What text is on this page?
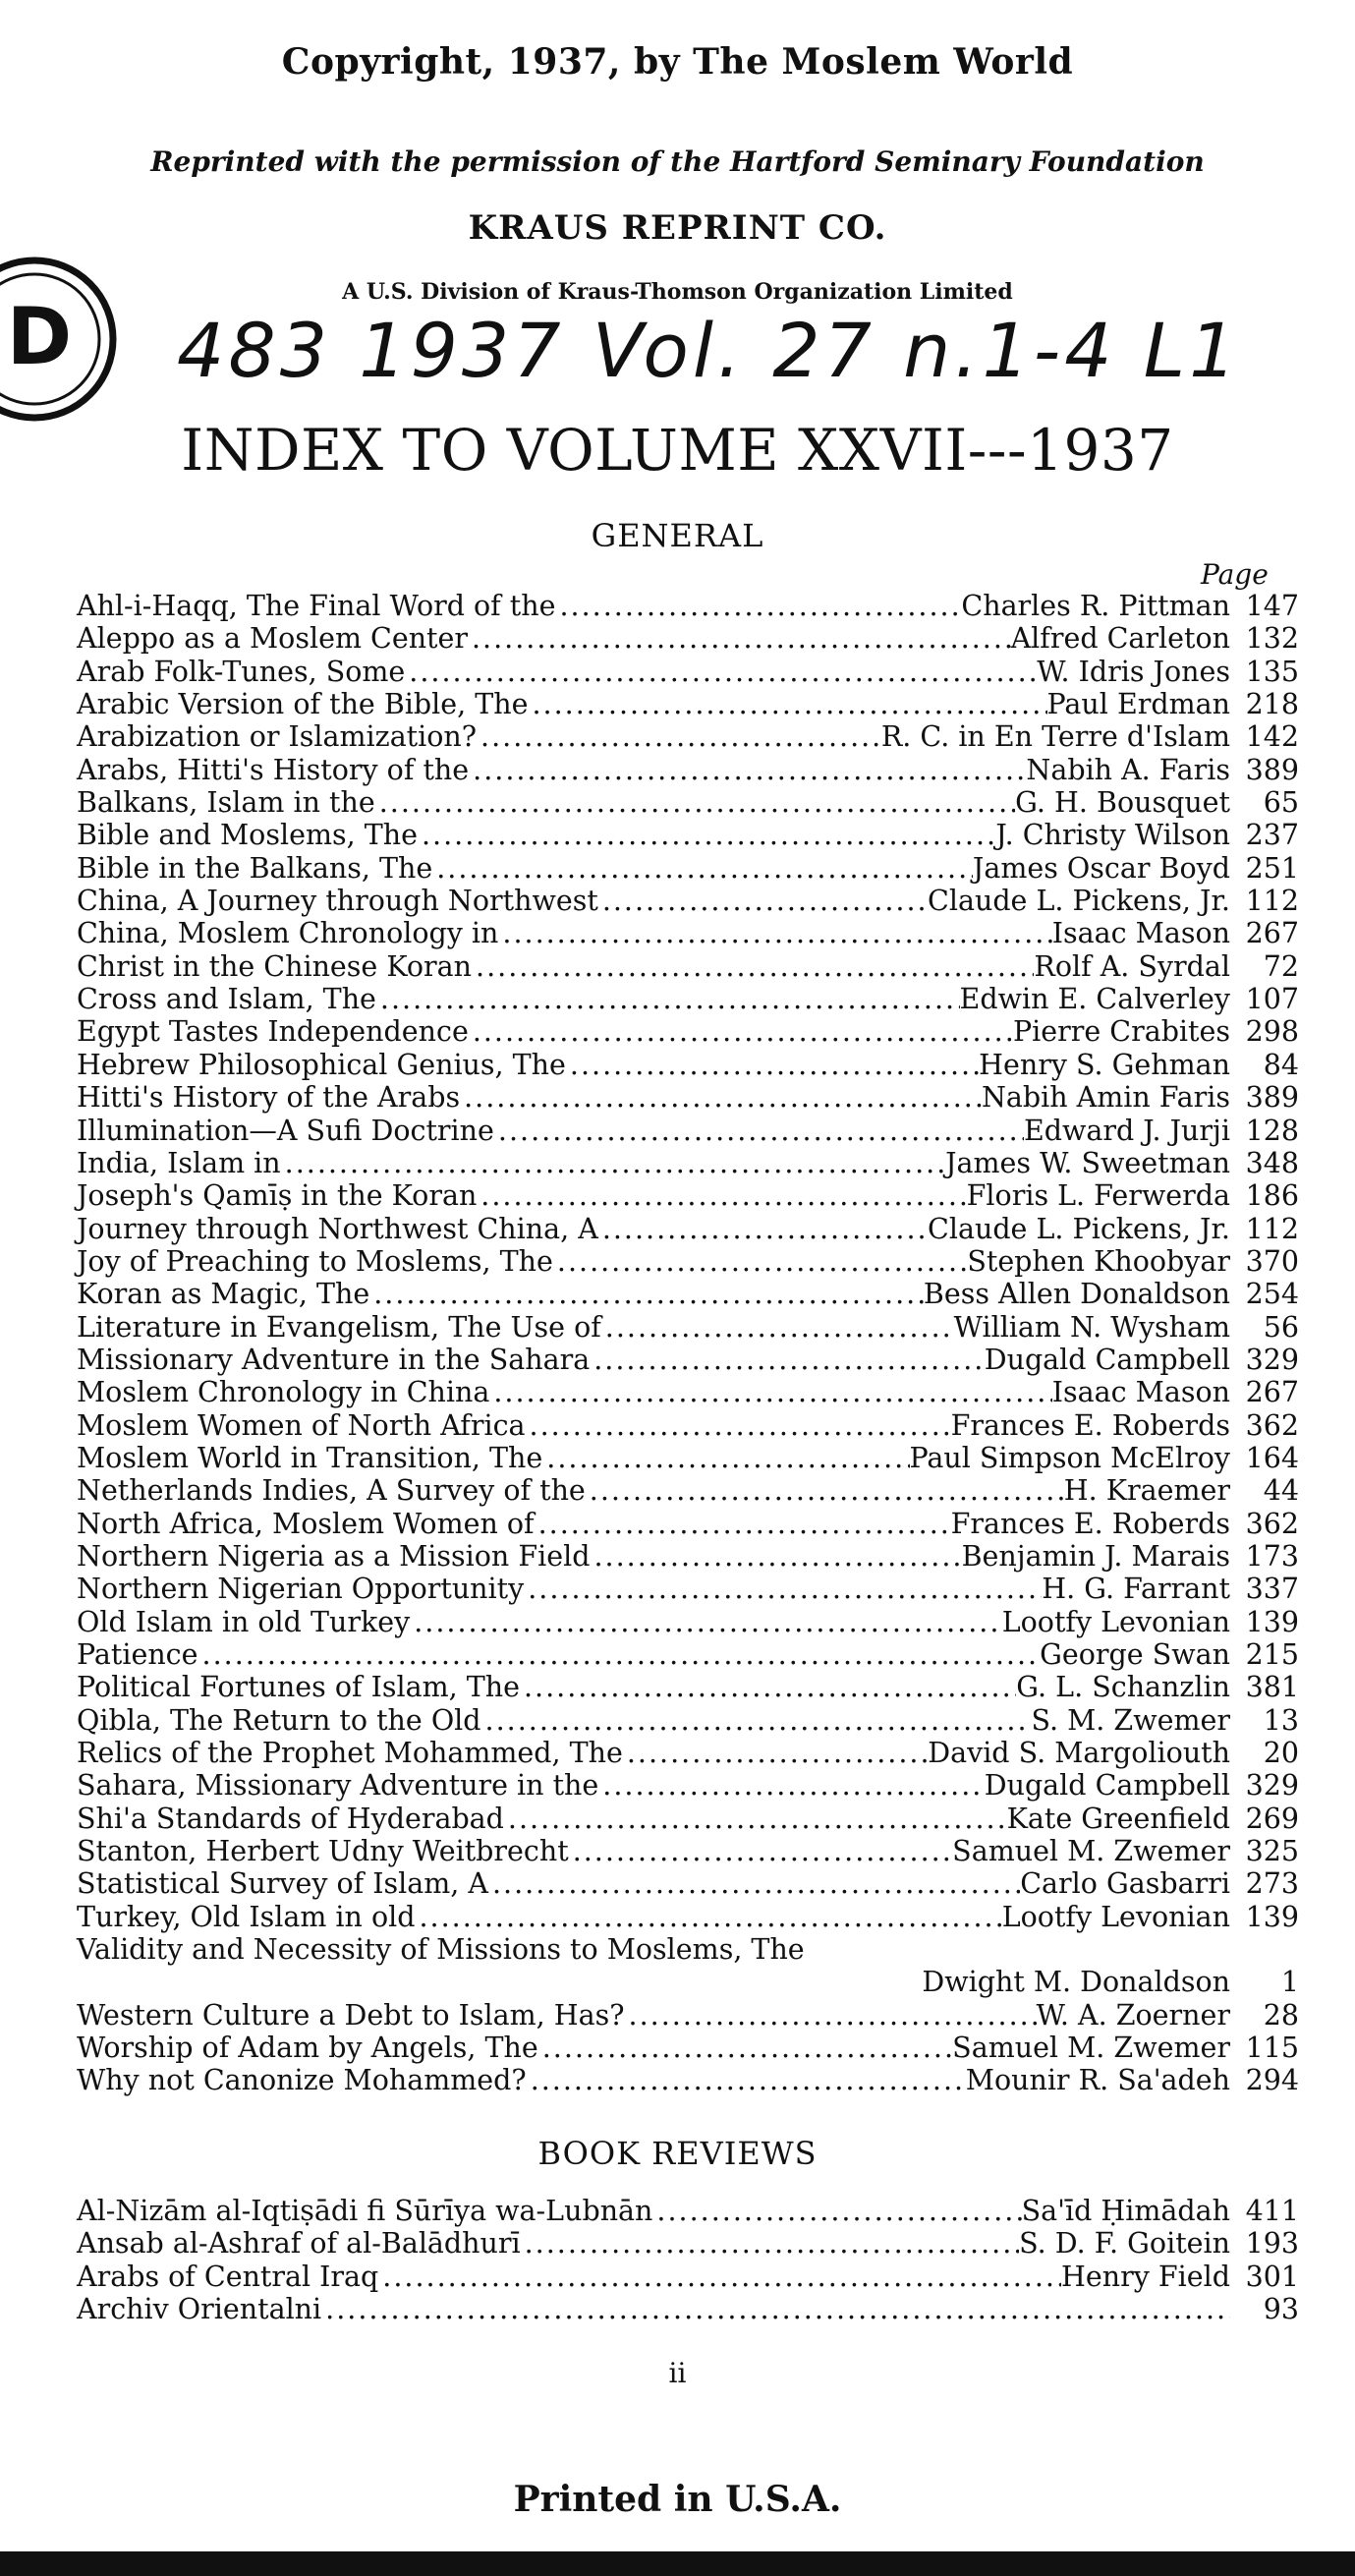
D
Copyright, 1937, by The Moslem World
Reprinted with the permission of the Hartford Seminary Foundation
KRAUS REPRINT CO.
A U.S. Division of Kraus-Thomson Organization Limited
483 1937 Vol. 27 n.1-4 L1
INDEX TO VOLUME XXVII---1937
GENERAL
Page
Ahl-i-Haqq, The Final Word of the .....	Charles R. Pittman 147
Aleppo as a Moslem Center .....	Alfred Carleton 132
Arab Folk-Tunes, Some .....	W. Idris Jones 135
Arabic Version of the Bible, The .....	Paul Erdman 218
Arabization or Islamization? .....	R. C. in En Terre d'Islam 142
Arabs, Hitti's History of the .....	Nabih A. Faris 389
Balkans, Islam in the .....	G. H. Bousquet	65
Bible and Moslems, The .....	J. Christy Wilson 237
Bible in the Balkans, The .....	James Oscar Boyd 251
China, A Journey through Northwest .....	Claude L. Pickens, Jr. 112
China, Moslem Chronology in .....	Isaac Mason 267
Christ in the Chinese Koran .....	Rolf A. Syrdal	72
Cross and Islam, The .....	Edwin E. Calverley 107
Egypt Tastes Independence .....	Pierre Crabites 298
Hebrew Philosophical Genius, The .....	Henry S. Gehman	84
Hitti's History of the Arabs .....	Nabih Amin Faris 389
Illumination—A Sufi Doctrine .....	Edward J. Jurji 128
India, Islam in .....	James W. Sweetman 348
Joseph's Qamīṣ in the Koran .....	Floris L. Ferwerda 186
Journey through Northwest China, A .....	Claude L. Pickens, Jr. 112
Joy of Preaching to Moslems, The .....	Stephen Khoobyar 370
Koran as Magic, The .....	Bess Allen Donaldson 254
Literature in Evangelism, The Use of .....	William N. Wysham	56
Missionary Adventure in the Sahara .....	Dugald Campbell 329
Moslem Chronology in China .....	Isaac Mason 267
Moslem Women of North Africa .....	Frances E. Roberds 362
Moslem World in Transition, The .....	Paul Simpson McElroy 164
Netherlands Indies, A Survey of the .....	H. Kraemer	44
North Africa, Moslem Women of .....	Frances E. Roberds 362
Northern Nigeria as a Mission Field .....	Benjamin J. Marais 173
Northern Nigerian Opportunity .....	H. G. Farrant 337
Old Islam in old Turkey .....	Lootfy Levonian 139
Patience .....	George Swan 215
Political Fortunes of Islam, The .....	G. L. Schanzlin 381
Qibla, The Return to the Old .....	S. M. Zwemer	13
Relics of the Prophet Mohammed, The .....	David S. Margoliouth	20
Sahara, Missionary Adventure in the .....	Dugald Campbell 329
Shi'a Standards of Hyderabad .....	Kate Greenfield 269
Stanton, Herbert Udny Weitbrecht .....	Samuel M. Zwemer 325
Statistical Survey of Islam, A .....	Carlo Gasbarri 273
Turkey, Old Islam in old .....	Lootfy Levonian 139
Validity and Necessity of Missions to Moslems, The
Dwight M. Donaldson	1
Western Culture a Debt to Islam, Has? .....	W. A. Zoerner	28
Worship of Adam by Angels, The .....	Samuel M. Zwemer 115
Why not Canonize Mohammed? .....	Mounir R. Sa'adeh 294
BOOK REVIEWS
Al-Nizām al-Iqtiṣādi fi Sūrīya wa-Lubnān .....	Sa'īd Ḥimādah 411
Ansab al-Ashraf of al-Balādhurī .....	S. D. F. Goitein 193
Arabs of Central Iraq .....	Henry Field 301
Archiv Orientalni .....	93
ii
Printed in U.S.A.
